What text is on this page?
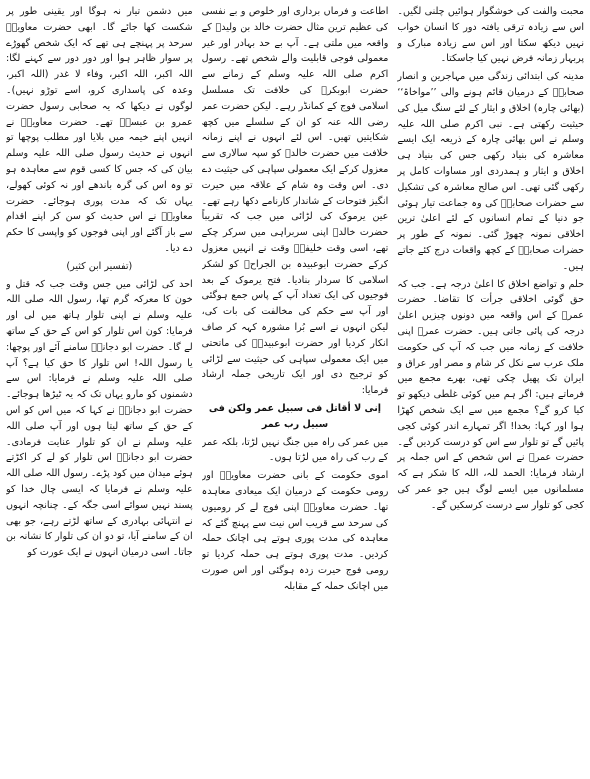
محبت والفت کی خوشگوار ہوائیں چلنی لگیں۔ اس سے زیادہ ترقی یافتہ دور کا انسان خواب نہیں دیکھ سکتا اور اس سے زیادہ مبارک و پربہار زمانہ فرض نہیں کیا جاسکتا۔

مدینہ کی ابتدائی زندگی میں مہاجرین و انصار صحابہؓ کے درمیان قائم ہونے والی ’’مواخاۃ‘‘ (بھائی چارہ) اخلاق و ایثار کے لئے سنگ میل کی حیثیت رکھتی ہے۔ نبی اکرم صلی اللہ علیہ وسلم نے اس بھائی چارہ کے ذریعہ ایک ایسے معاشرہ کی بنیاد رکھی جس کی بنیاد ہی اخلاق و ایثار و ہمدردی اور مساوات کامل پر رکھی گئی تھی۔ اس صالح معاشرہ کی تشکیل سے حضرات صحابہؓ کی وہ جماعت تیار ہوئی جو دنیا کے تمام انسانوں کے لئے اعلیٰ ترین اخلاقی نمونہ چھوڑ گئی۔ نمونہ کے طور پر حضرات صحابہؓ کے کچھ واقعات درج کئے جاتے ہیں۔

حلم و تواضع اخلاق کا اعلیٰ درجہ ہے۔ جب کہ حق گوئی اخلاقی جرأت کا تقاضا۔ حضرت عمرؓ کے اس واقعہ میں دونوں چیزیں اعلیٰ درجہ کی پائی جاتی ہیں۔ حضرت عمرؓ اپنی خلافت کے زمانہ میں جب کہ آپ کی حکومت ملک عرب سے نکل کر شام و مصر اور عراق و ایران تک پھیل چکی تھی، بھرے مجمع میں فرماتے ہیں: اگر ہم میں کوئی غلطی دیکھو تو کیا کرو گے؟ مجمع میں سے ایک شخص کھڑا ہوا اور کہا: بخدا! اگر تمہارے اندر کوئی کجی پائیں گے تو تلوار سے اس کو درست کردیں گے۔ حضرت عمرؓ نے اس شخص کے اس جملہ پر ارشاد فرمایا: الحمد للہ، اللہ کا شکر ہے کہ مسلمانوں میں ایسے لوگ ہیں جو عمر کی کجی کو تلوار سے درست کرسکیں گے۔

اطاعت و فرماں برداری اور خلوص و بے نفسی کی عظیم ترین مثال حضرت خالد بن ولیدؓ کے واقعہ میں ملتی ہے۔ آپ بے حد بہادر اور غیر معمولی فوجی قابلیت والے شخص تھے۔ رسول اکرم صلی اللہ علیہ وسلم کے زمانے سے حضرت ابوبکرؓ کی خلافت تک مسلسل اسلامی فوج کے کمانڈر رہے۔ لیکن حضرت عمر رضی اللہ عنہ کو ان کے سلسلے میں کچھ شکایتیں تھیں۔ اس لئے انہوں نے اپنے زمانہ خلافت میں حضرت خالدؓ کو سپہ سالاری سے معزول کرکے ایک معمولی سپاہی کی حیثیت دے دی۔ اس وقت وہ شام کے علاقہ میں حیرت انگیز فتوحات کے شاندار کارنامے دکھا رہے تھے۔ عین یرموک کی لڑائی میں جب کہ تقریباً حضرت خالدؓ اپنی سربراہی میں سرکر چکے تھے، اسی وقت خلیفہؓ وقت نے انہیں معزول کرکے حضرت ابوعبیدہ بن الجراحؓ کو لشکر اسلامی کا سردار بنادیا۔ فتح یرموک کے بعد فوجیوں کی ایک تعداد آپ کے پاس جمع ہوگئی اور آپ سے حکم کی مخالفت کی بات کی، لیکن انہوں نے اسے بُرا مشورہ کہہ کر صاف انکار کردیا اور حضرت ابوعبیدہؓ کی ماتحتی میں ایک معمولی سپاہی کی حیثیت سے لڑائی کو ترجیح دی اور ایک تاریخی جملہ ارشاد فرمایا:

إنی لا أقاتل فی سبیل عمر ولکن فی سبیل رب عمر

میں عمر کی راہ میں جنگ نہیں لڑتا، بلکہ عمر کے رب کی راہ میں لڑتا ہوں۔

اموی حکومت کے بانی حضرت معاویہؓ اور رومی حکومت کے درمیان ایک میعادی معاہدہ تھا۔ حضرت معاویہؓ اپنی فوج لے کر رومیوں کی سرحد سے قریب اس نیت سے پہنچ گئے کہ معاہدہ کی مدت پوری ہوتے ہی اچانک حملہ کردیں۔ مدت پوری ہوتے ہی حملہ کردیا تو رومی فوج حیرت زدہ ہوگئی اور اس صورت میں اچانک حملہ کے مقابلہ

میں دشمن تیار نہ ہوگا اور یقینی طور پر شکست کھا جائے گا۔ ابھی حضرت معاویہؓ سرحد پر پہنچے ہی تھے کہ ایک شخص گھوڑے پر سوار ظاہر ہوا اور دور دور سے کہنے لگا: اللہ اکبر، اللہ اکبر، وفاء لا غدر (اللہ اکبر، وعدہ کی پاسداری کرو، اسے توڑو نہیں)۔ لوگوں نے دیکھا کہ یہ صحابی رسول حضرت عمرو بن عبسہؓ تھے۔ حضرت معاویہؓ نے انہیں اپنے خیمہ میں بلایا اور مطلب پوچھا تو انہوں نے حدیث رسول صلی اللہ علیہ وسلم بیان کی کہ جس کا کسی قوم سے معاہدہ ہو تو وہ اس کی گرہ باندھے اور نہ کوئی کھولے، یہاں تک کہ مدت پوری ہوجائے۔ حضرت معاویہؓ نے اس حدیث کو سن کر اپنے اقدام سے باز آگئے اور اپنی فوجوں کو واپسی کا حکم دے دیا۔

(تفسیر ابن کثیر)

احد کی لڑائی میں جس وقت جب کہ قتل و خون کا معرکہ گرم تھا، رسول اللہ صلی اللہ علیہ وسلم نے اپنی تلوار ہاتھ میں لی اور فرمایا: کون اس تلوار کو اس کے حق کے ساتھ لے گا۔ حضرت ابو دجانہؓ سامنے آئے اور پوچھا: یا رسول اللہ! اس تلوار کا حق کیا ہے؟ آپ صلی اللہ علیہ وسلم نے فرمایا: اس سے دشمنوں کو مارو یہاں تک کہ یہ ٹیڑھا ہوجائے۔ حضرت ابو دجانہؓ نے کہا کہ میں اس کو اس کے حق کے ساتھ لیتا ہوں اور آپ صلی اللہ علیہ وسلم نے ان کو تلوار عنایت فرمادی۔ حضرت ابو دجانہؓ اس تلوار کو لے کر اکڑتے ہوئے میدان میں کود پڑے۔ رسول اللہ صلی اللہ علیہ وسلم نے فرمایا کہ ایسی چال خدا کو پسند نہیں سوائے اسی جگہ کے۔ چنانچہ انہوں نے انتہائی بہادری کے ساتھ لڑتے رہے، جو بھی ان کے سامنے آیا، تو دو ان کی تلوار کا نشانہ بن جاتا۔ اسی درمیان انہوں نے ایک عورت کو
